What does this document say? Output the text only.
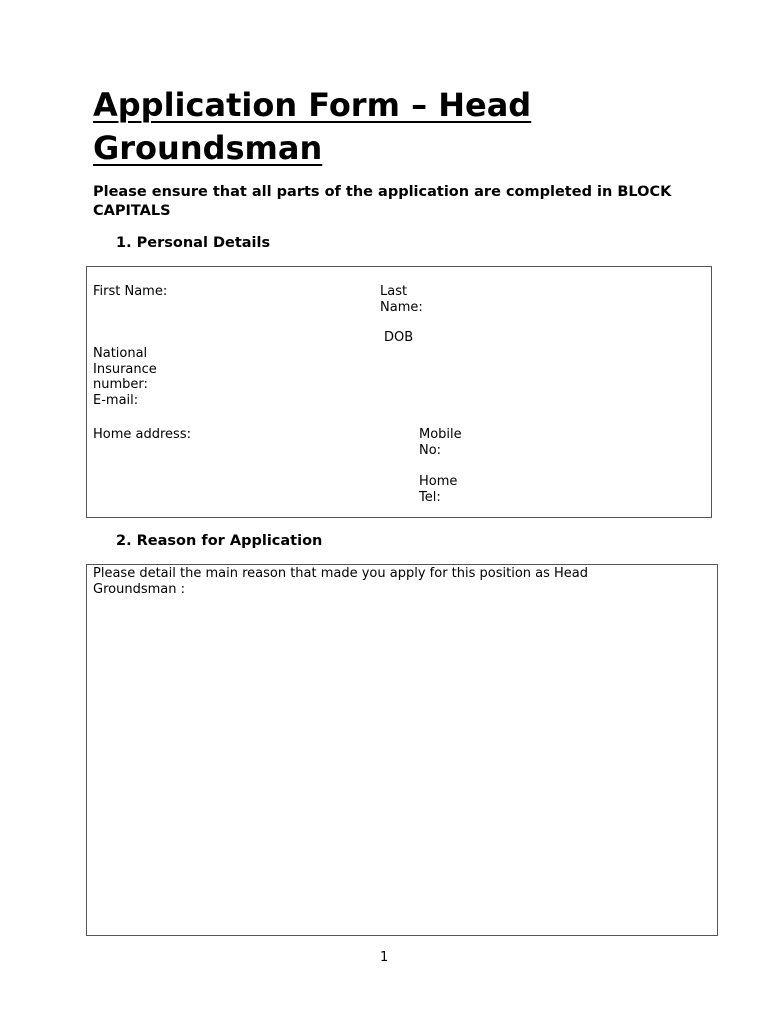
Application Form – Head Groundsman
Please ensure that all parts of the application are completed in BLOCK CAPITALS
1. Personal Details
First Name:	Last
Name:
DOB
National
Insurance
number:
E-mail:
Home address:	Mobile
No:
Home
Tel:
2. Reason for Application
Please detail the main reason that made you apply for this position as Head Groundsman :
1
